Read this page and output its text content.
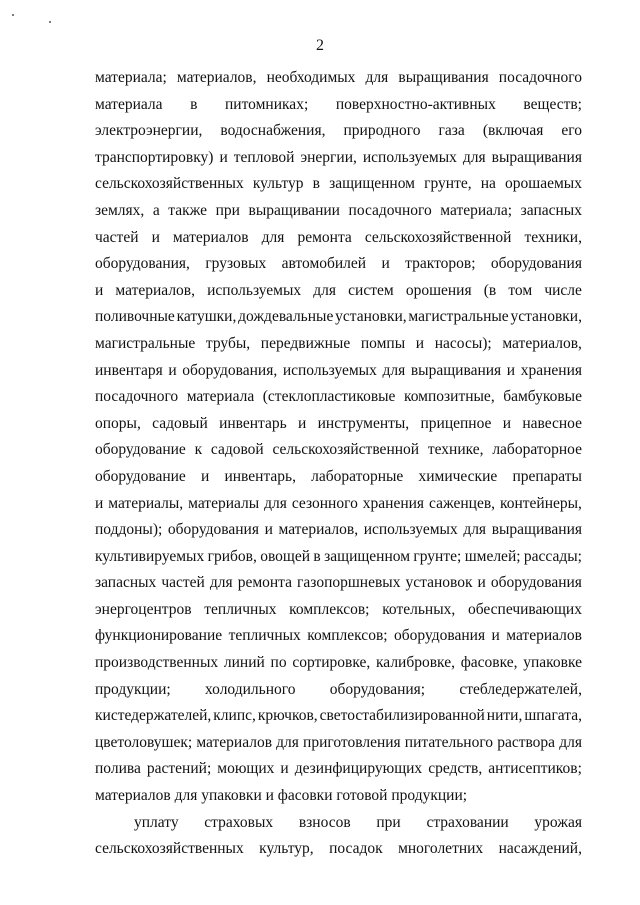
2
материала; материалов, необходимых для выращивания посадочного
материала в питомниках; поверхностно-активных веществ;
электроэнергии, водоснабжения, природного газа (включая его
транспортировку) и тепловой энергии, используемых для выращивания
сельскохозяйственных культур в защищенном грунте, на орошаемых
землях, а также при выращивании посадочного материала; запасных
частей и материалов для ремонта сельскохозяйственной техники,
оборудования, грузовых автомобилей и тракторов; оборудования
и материалов, используемых для систем орошения (в том числе
поливочные катушки, дождевальные установки, магистральные установки,
магистральные трубы, передвижные помпы и насосы); материалов,
инвентаря и оборудования, используемых для выращивания и хранения
посадочного материала (стеклопластиковые композитные, бамбуковые
опоры, садовый инвентарь и инструменты, прицепное и навесное
оборудование к садовой сельскохозяйственной технике, лабораторное
оборудование и инвентарь, лабораторные химические препараты
и материалы, материалы для сезонного хранения саженцев, контейнеры,
поддоны); оборудования и материалов, используемых для выращивания
культивируемых грибов, овощей в защищенном грунте; шмелей; рассады;
запасных частей для ремонта газопоршневых установок и оборудования
энергоцентров тепличных комплексов; котельных, обеспечивающих
функционирование тепличных комплексов; оборудования и материалов
производственных линий по сортировке, калибровке, фасовке, упаковке
продукции; холодильного оборудования; стебледержателей,
кистедержателей, клипс, крючков, светостабилизированной нити, шпагата,
цветоловушек; материалов для приготовления питательного раствора для
полива растений; моющих и дезинфицирующих средств, антисептиков;
материалов для упаковки и фасовки готовой продукции;
уплату страховых взносов при страховании урожая
сельскохозяйственных культур, посадок многолетних насаждений,
